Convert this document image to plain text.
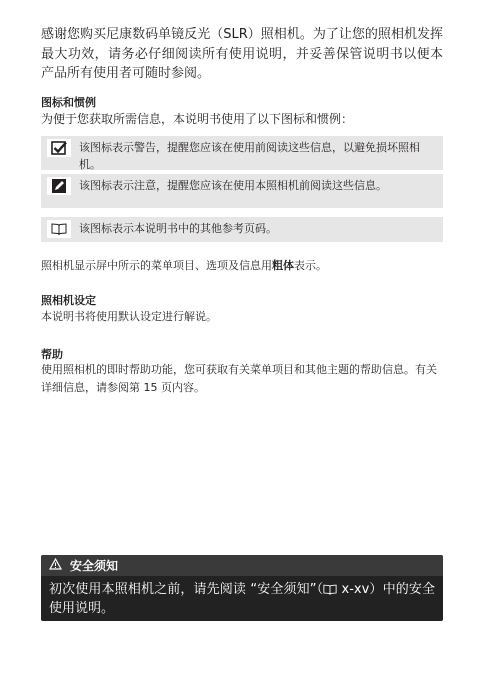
感谢您购买尼康数码单镜反光（SLR）照相机。为了让您的照相机发挥最大功效，请务必仔细阅读所有使用说明，并妥善保管说明书以便本产品所有使用者可随时参阅。

图标和惯例

为便于您获取所需信息，本说明书使用了以下图标和惯例：

该图标表示警告，提醒您应该在使用前阅读这些信息，以避免损坏照相机。
该图标表示注意，提醒您应该在使用本照相机前阅读这些信息。
该图标表示本说明书中的其他参考页码。

照相机显示屏中所示的菜单项目、选项及信息用粗体表示。

照相机设定

本说明书将使用默认设定进行解说。

帮助

使用照相机的即时帮助功能，您可获取有关菜单项目和其他主题的帮助信息。有关详细信息，请参阅第 15 页内容。

安全须知

初次使用本照相机之前，请先阅读 “安全须知”（ x-xv）中的安全使用说明。
